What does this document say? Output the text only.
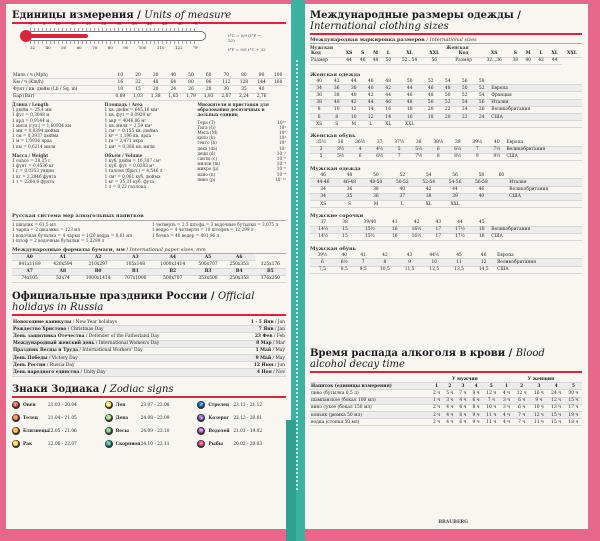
Единицы измерения / Units of measure
0	5	10	15	20	25	30	35	40	45	50	°C
32	40	50	60	70	80	90	100	110	122	°F
t°C = 5/9 (t°F − 32)
t°F = 9/5 t°C + 32
Миль / ч (Mph)	10	20	30	40	50	60	70	80	90	100
Км / ч (Km/h)	16	32	48	64	80	96	112	128	144	160
Фунт / кв. дюйм (Lb / Sq. in)	10	15	20	24	26	28	30	35	40	
Бар (Bar)	0,69	1,03	1,38	1,65	1,79	1,93	2,07	2,24	2,76	
Длина / Length
1 дюйм = 25,4 мм
1 фут = 0,3048 м
1 ярд = 0,9144 м
1 миля (сух.) = 1,60934 км
1 мм = 0,0394 дюйма
1 см = 0,3937 дюйма
1 м = 1,0936 ярда
1 км = 0,6214 мили
Масса / Weight
1 ounce = 28,35 г
1 фунт = 0,4536 кг
1 г = 0,0353 унции
1 кг = 2,2046 фунта
1 т = 2204,6 фунта
Площадь / Area
1 кв. дюйм = 645,16 мм²
1 кв. фут = 0,0929 м²
1 акр = 4046,86 м²
1 кв. миля = 2,59 км²
1 см² = 0,155 кв. дюйма
1 м² = 1,196 кв. ярда
1 га = 2,471 акра
1 км² = 0,386 кв. мили
Объем / Volume
1 куб. дюйм = 16,387 см³
1 куб. фут = 0,0283 м³
1 галлон (брит.) = 4,546 л
1 см³ = 0,061 куб. дюйма
1 м³ = 35,31 куб. фута
1 л = 0,22 галлона
Множители и приставки для образования десятичных и дольных единиц
Тера (T)	10¹²
Гига (G)	10⁹
Мега (M)	10⁶
кило (k)	10³
гекто (h)	10²
дека (da)	10¹
деци (d)	10⁻¹
санти (c)	10⁻²
милли (m)	10⁻³
микро (µ)	10⁻⁶
нано (n)	10⁻⁹
пико (p)	10⁻¹²
Русская система мер алкогольных напитков
1 шкалик = 61,5 мл
1 чарка = 2 шкалика = 123 мл
1 водочная бутылка = 4 чарки = 1/20 ведра = 0,61 мл
1 штоф = 2 водочные бутылки = 1,2299 л
1 четверть = 2,5 штофа = 3 водочные бутылки = 3,075 л
1 ведро = 4 четверти = 10 штофов = 12,299 л
1 бочка = 40 ведер = 491,96 л
Международные форматы бумаги, мм / International paper sizes, mm
A0	A1	A2	A3	A4	A5	A6	
841x1189	420x594	210x297	105x148	1000x1414	500x707	250x353	125x176
A7	A8	B0	B1	B2	B3	B4	B5
74x105	52x74	1000x1414	707x1000	500x707	353x500	250x353	176x250
Официальные праздники России / Official holidays in Russia
Новогодние каникулы / New Year holidays	1 - 5 Янв / Jan
Рождество Христово / Christmas Day	7 Янв / Jan
День защитника Отечества / Defender of the Fatherland Day	23 Фев / Feb
Международный женский день / International Women's Day	8 Мар / Mar
Праздник Весны и Труда / International Workers' Day	1 Май / May
День Победы / Victory Day	9 Май / May
День России / Russia Day	12 Июн / Jun
День народного единства / Unity Day	4 Ноя / Nov
Знаки Зодиака / Zodiac signs
♈ Овен	21.03 - 20.04	♌ Лев	23.07 - 23.08	♐ Стрелец 23.11 - 21.12
♉ Телец	21.04 - 21.05	♍ Дева	24.08 - 23.09	♑ Козерог 22.12 - 20.01
♊ Близнецы 22.05 - 21.06	♎ Весы	24.09 - 23.10	♒ Водолей 21.01 - 19.02
♋ Рак	22.06 - 22.07	♏ Скорпион 24.10 - 22.11	♓ Рыбы	20.02 - 20.03
Международные размеры одежды / International clothing sizes
Международная маркировка размеров / International sizes
Мужская	Женская
Код	XS	S	M	L	XL	XXL		Код	XS	S	M	L	XL	XXL
Размер	44	46	48	50	52...54	56		Размер	32...36	38	40	42	44	
Женская одежда
40	42	44	46	48	50	52	54	56	58	
34	36	38	40	42	44	46	48	50	52	Европа
36	38	40	42	44	46	48	50	52	54	Франция
38	40	42	44	46	48	50	52	54	56	Италия
8	10	12	14	16	18	20	22	24	26	Великобритания
6	8	10	12	14	16	18	20	22	24	США
XS	S	M	L	XL	XXL					
Женская обувь
35½	36	36½	37	37½	38	38½	39	39½	40	Европа
3	3½	4	4½	5	5½	6	6½	7	7½	Великобритания
5	5½	6	6½	7	7½	8	8½	9	9½	США
Мужская одежда
46	48	50	52	54	56	58	60	
44-46	46-48	48-50	50-52	52-54	54-56	56-58		Италия
34	36	38	40	42	44	46		Великобритания
34	35	36	37	38	39	40		США
XS	S	M	L	XL	XXL			
Мужские сорочки
37	38	39/40	41	42	43	44	45	
14½	15	15½	16	16½	17	17½	18	Великобритания
14½	15	15½	16	16½	17	17½	18	США
Мужская обувь
39½	40	41	42	43	44½	45	46	Европа
6	6½	7	8	9	10	11	12	Великобритания
7,5	8,5	9,5	10,5	11,5	12,5	13,5	14,5	США
Время распада алкоголя в крови / Blood alcohol decay time
	У мужчин					У женщин				
Напиток (единицы измерения)	1	2	3	4	5	1	2	3	4	5
пиво (бутылка 0,5 л)	2 ч	5 ч	7 ч	9 ч	12 ч	4 ч	12 ч	16 ч	24 ч	30 ч
шампанское (бокал 100 мл)	1 ч	3 ч	4 ч	6 ч	7 ч	3 ч	6 ч	9 ч	12 ч	15 ч
вино сухое (бокал 150 мл)	2 ч	4 ч	6 ч	8 ч	10 ч	3 ч	6 ч	10 ч	13 ч	17 ч
коньяк (рюмка 50 мл)	2 ч	4 ч	6 ч	9 ч	11 ч	4 ч	7 ч	12 ч	15 ч	19 ч
водка (стопка 50 мл)	2 ч	4 ч	6 ч	9 ч	11 ч	4 ч	7 ч	11 ч	15 ч	18 ч
BRAUBERG
